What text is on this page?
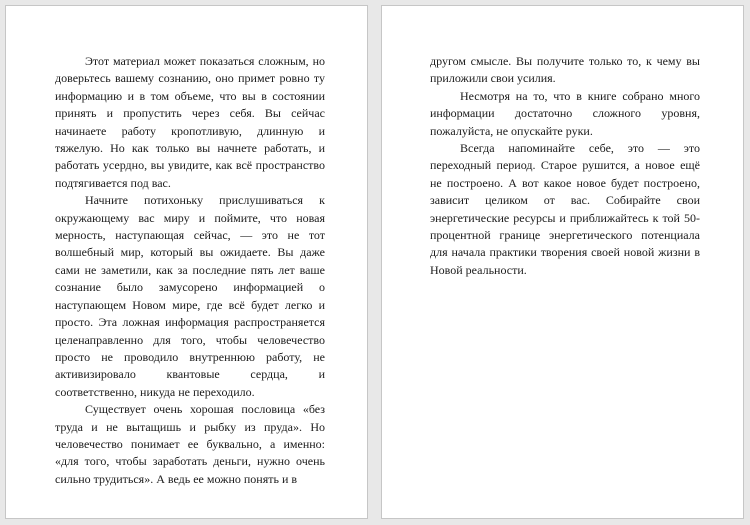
Этот материал может показаться сложным, но доверьтесь вашему сознанию, оно примет ровно ту информацию и в том объеме, что вы в состоянии принять и пропустить через себя. Вы сейчас начинаете работу кропотливую, длинную и тяжелую. Но как только вы начнете работать, и работать усердно, вы увидите, как всё пространство подтягивается под вас.

Начните потихоньку прислушиваться к окружающему вас миру и поймите, что новая мерность, наступающая сейчас, — это не тот волшебный мир, который вы ожидаете. Вы даже сами не заметили, как за последние пять лет ваше сознание было замусорено информацией о наступающем Новом мире, где всё будет легко и просто. Эта ложная информация распространяется целенаправленно для того, чтобы человечество просто не проводило внутреннюю работу, не активизировало квантовые сердца, и соответственно, никуда не переходило.

Существует очень хорошая пословица «без труда и не вытащишь и рыбку из пруда». Но человечество понимает ее буквально, а именно: «для того, чтобы заработать деньги, нужно очень сильно трудиться». А ведь ее можно понять и в

другом смысле. Вы получите только то, к чему вы приложили свои усилия.

Несмотря на то, что в книге собрано много информации достаточно сложного уровня, пожалуйста, не опускайте руки.

Всегда напоминайте себе, это — это переходный период. Старое рушится, а новое ещё не построено. А вот какое новое будет построено, зависит целиком от вас. Собирайте свои энергетические ресурсы и приближайтесь к той 50-процентной границе энергетического потенциала для начала практики творения своей новой жизни в Новой реальности.
